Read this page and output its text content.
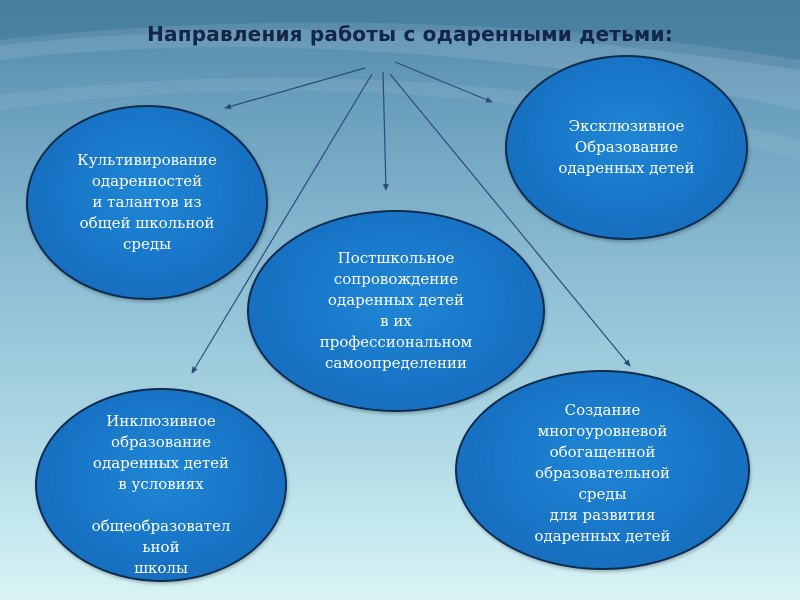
Направления работы с одаренными детьми:
Культивирование
одаренностей
и талантов из
общей школьной
среды
Эксклюзивное
Образование
одаренных детей
Постшкольное
сопровождение
одаренных детей
в их
профессиональном
самоопределении
Инклюзивное
образование
одаренных детей
в условиях

общеобразовател
ьной
школы
Создание
многоуровневой
обогащенной
образовательной
среды
для развития
одаренных детей
